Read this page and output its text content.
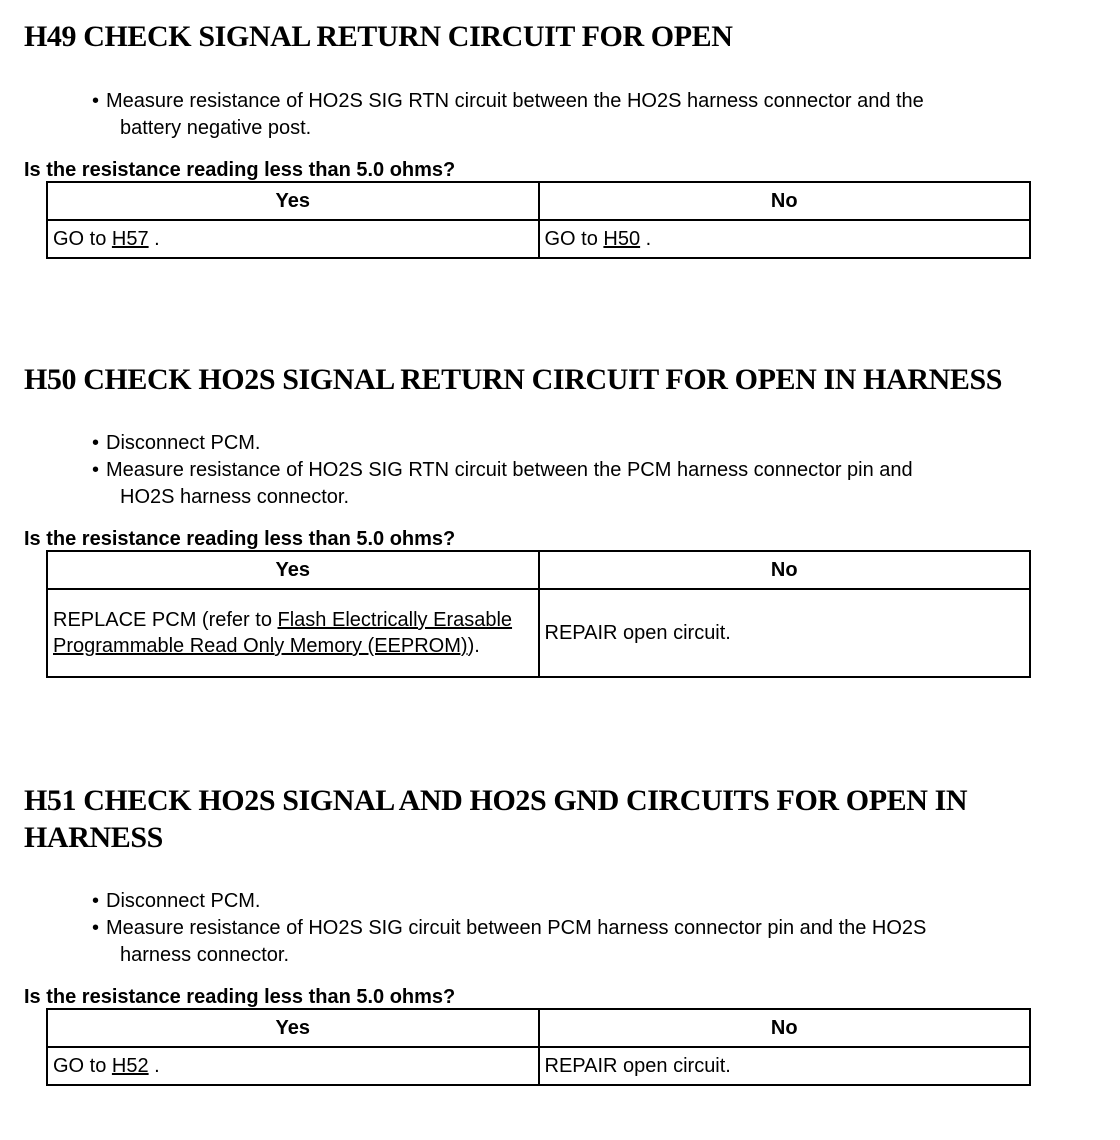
H49 CHECK SIGNAL RETURN CIRCUIT FOR OPEN
• Measure resistance of HO2S SIG RTN circuit between the HO2S harness connector and the
battery negative post.

Is the resistance reading less than 5.0 ohms?

Yes	No
GO to H57 .	GO to H50 .
H50 CHECK HO2S SIGNAL RETURN CIRCUIT FOR OPEN IN HARNESS
• Disconnect PCM.
• Measure resistance of HO2S SIG RTN circuit between the PCM harness connector pin and
HO2S harness connector.

Is the resistance reading less than 5.0 ohms?

Yes	No
REPLACE PCM (refer to Flash Electrically Erasable Programmable Read Only Memory (EEPROM)).	REPAIR open circuit.
H51 CHECK HO2S SIGNAL AND HO2S GND CIRCUITS FOR OPEN IN HARNESS
• Disconnect PCM.
• Measure resistance of HO2S SIG circuit between PCM harness connector pin and the HO2S
harness connector.

Is the resistance reading less than 5.0 ohms?

Yes	No
GO to H52 .	REPAIR open circuit.
